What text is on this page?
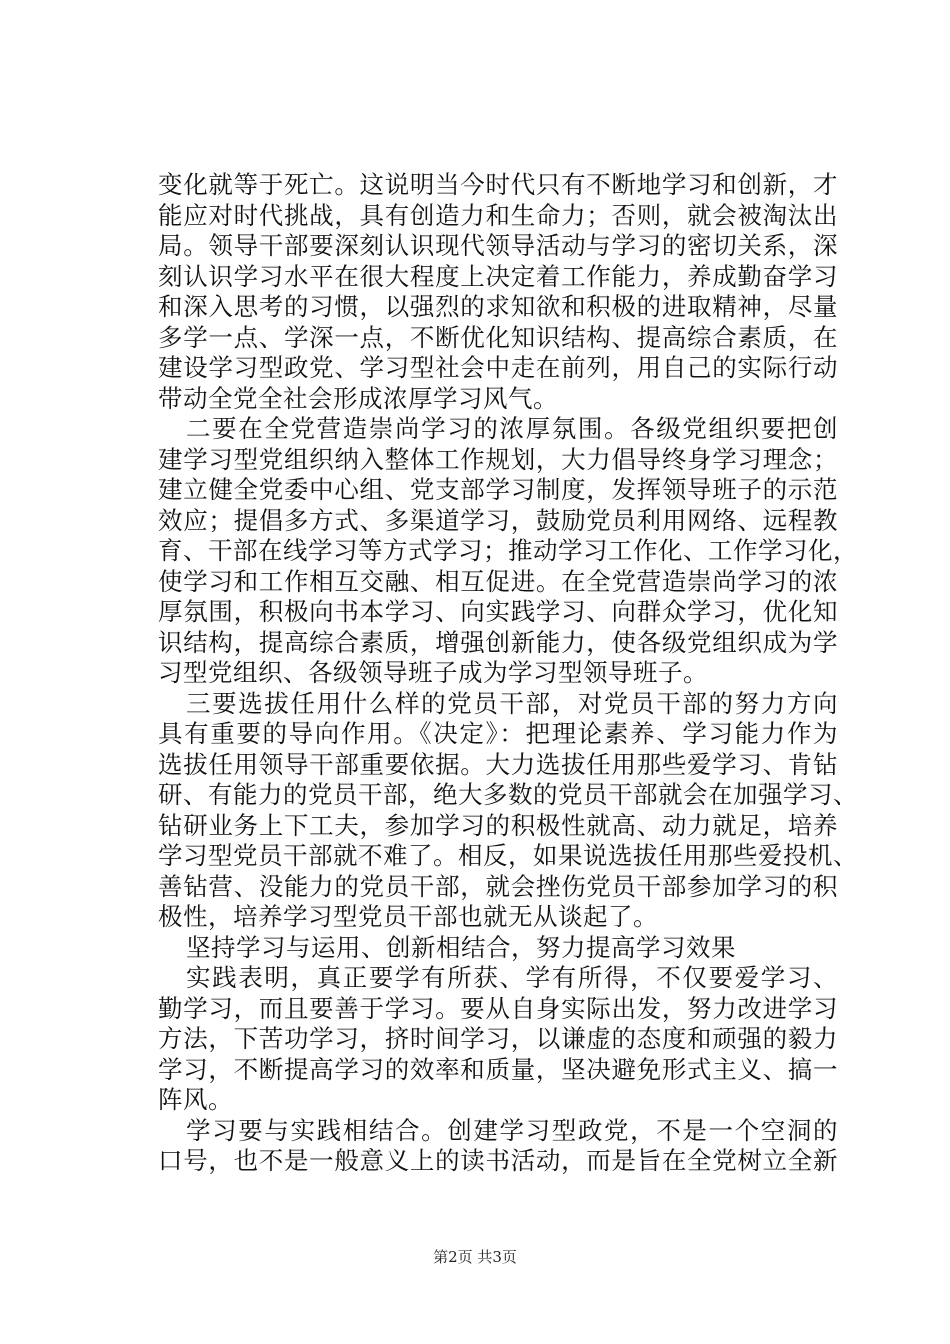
变化就等于死亡。这说明当今时代只有不断地学习和创新，才
能应对时代挑战，具有创造力和生命力；否则，就会被淘汰出
局。领导干部要深刻认识现代领导活动与学习的密切关系，深
刻认识学习水平在很大程度上决定着工作能力，养成勤奋学习
和深入思考的习惯，以强烈的求知欲和积极的进取精神，尽量
多学一点、学深一点，不断优化知识结构、提高综合素质，在
建设学习型政党、学习型社会中走在前列，用自己的实际行动
带动全党全社会形成浓厚学习风气。
二要在全党营造崇尚学习的浓厚氛围。各级党组织要把创
建学习型党组织纳入整体工作规划，大力倡导终身学习理念；
建立健全党委中心组、党支部学习制度，发挥领导班子的示范
效应；提倡多方式、多渠道学习，鼓励党员利用网络、远程教
育、干部在线学习等方式学习；推动学习工作化、工作学习化，
使学习和工作相互交融、相互促进。在全党营造崇尚学习的浓
厚氛围，积极向书本学习、向实践学习、向群众学习，优化知
识结构，提高综合素质，增强创新能力，使各级党组织成为学
习型党组织、各级领导班子成为学习型领导班子。
三要选拔任用什么样的党员干部，对党员干部的努力方向
具有重要的导向作用。《决定》：把理论素养、学习能力作为
选拔任用领导干部重要依据。大力选拔任用那些爱学习、肯钻
研、有能力的党员干部，绝大多数的党员干部就会在加强学习、
钻研业务上下工夫，参加学习的积极性就高、动力就足，培养
学习型党员干部就不难了。相反，如果说选拔任用那些爱投机、
善钻营、没能力的党员干部，就会挫伤党员干部参加学习的积
极性，培养学习型党员干部也就无从谈起了。
坚持学习与运用、创新相结合，努力提高学习效果
实践表明，真正要学有所获、学有所得，不仅要爱学习、
勤学习，而且要善于学习。要从自身实际出发，努力改进学习
方法，下苦功学习，挤时间学习，以谦虚的态度和顽强的毅力
学习，不断提高学习的效率和质量，坚决避免形式主义、搞一
阵风。
学习要与实践相结合。创建学习型政党，不是一个空洞的
口号，也不是一般意义上的读书活动，而是旨在全党树立全新
第2页 共3页
